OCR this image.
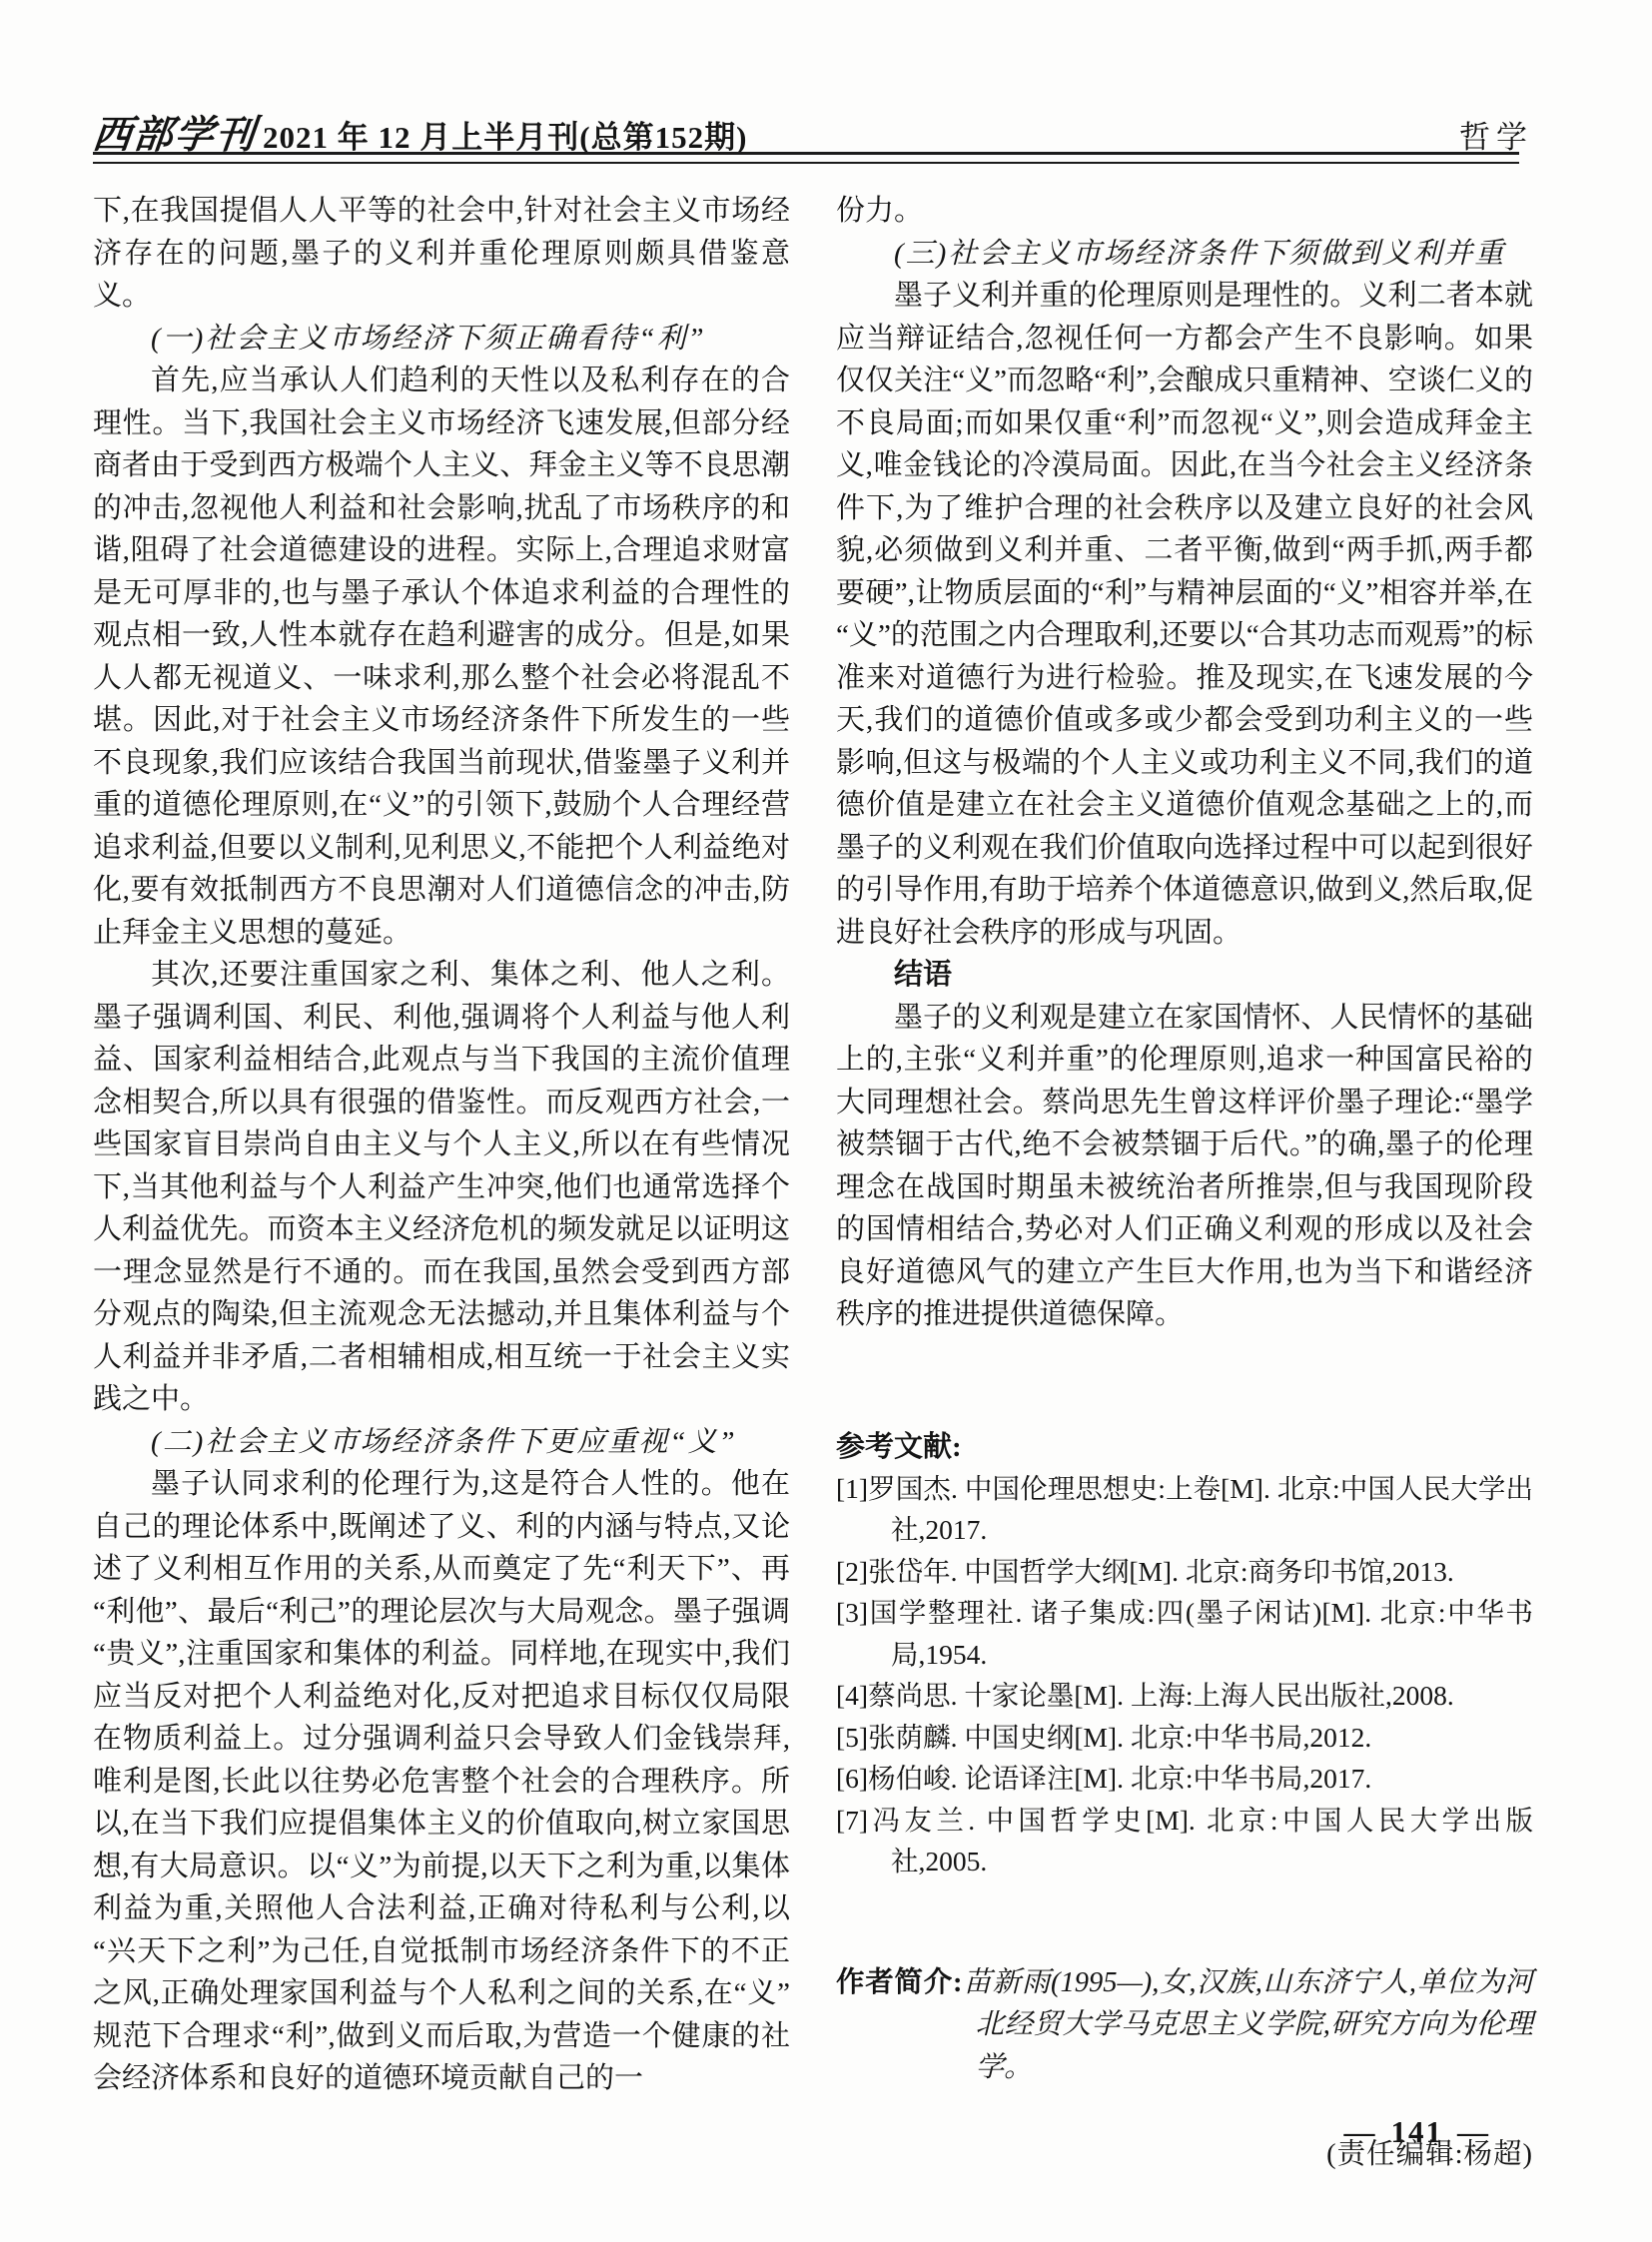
西部学刊 2021 年 12 月上半月刊(总第152期)	哲学

下,在我国提倡人人平等的社会中,针对社会主义市场经济存在的问题,墨子的义利并重伦理原则颇具借鉴意义。

(一)社会主义市场经济下须正确看待“利”

首先,应当承认人们趋利的天性以及私利存在的合理性。当下,我国社会主义市场经济飞速发展,但部分经商者由于受到西方极端个人主义、拜金主义等不良思潮的冲击,忽视他人利益和社会影响,扰乱了市场秩序的和谐,阻碍了社会道德建设的进程。实际上,合理追求财富是无可厚非的,也与墨子承认个体追求利益的合理性的观点相一致,人性本就存在趋利避害的成分。但是,如果人人都无视道义、一味求利,那么整个社会必将混乱不堪。因此,对于社会主义市场经济条件下所发生的一些不良现象,我们应该结合我国当前现状,借鉴墨子义利并重的道德伦理原则,在“义”的引领下,鼓励个人合理经营追求利益,但要以义制利,见利思义,不能把个人利益绝对化,要有效抵制西方不良思潮对人们道德信念的冲击,防止拜金主义思想的蔓延。

其次,还要注重国家之利、集体之利、他人之利。墨子强调利国、利民、利他,强调将个人利益与他人利益、国家利益相结合,此观点与当下我国的主流价值理念相契合,所以具有很强的借鉴性。而反观西方社会,一些国家盲目崇尚自由主义与个人主义,所以在有些情况下,当其他利益与个人利益产生冲突,他们也通常选择个人利益优先。而资本主义经济危机的频发就足以证明这一理念显然是行不通的。而在我国,虽然会受到西方部分观点的陶染,但主流观念无法撼动,并且集体利益与个人利益并非矛盾,二者相辅相成,相互统一于社会主义实践之中。

(二)社会主义市场经济条件下更应重视“义”

墨子认同求利的伦理行为,这是符合人性的。他在自己的理论体系中,既阐述了义、利的内涵与特点,又论述了义利相互作用的关系,从而奠定了先“利天下”、再“利他”、最后“利己”的理论层次与大局观念。墨子强调“贵义”,注重国家和集体的利益。同样地,在现实中,我们应当反对把个人利益绝对化,反对把追求目标仅仅局限在物质利益上。过分强调利益只会导致人们金钱崇拜,唯利是图,长此以往势必危害整个社会的合理秩序。所以,在当下我们应提倡集体主义的价值取向,树立家国思想,有大局意识。以“义”为前提,以天下之利为重,以集体利益为重,关照他人合法利益,正确对待私利与公利,以“兴天下之利”为己任,自觉抵制市场经济条件下的不正之风,正确处理家国利益与个人私利之间的关系,在“义”规范下合理求“利”,做到义而后取,为营造一个健康的社会经济体系和良好的道德环境贡献自己的一

份力。

(三)社会主义市场经济条件下须做到义利并重

墨子义利并重的伦理原则是理性的。义利二者本就应当辩证结合,忽视任何一方都会产生不良影响。如果仅仅关注“义”而忽略“利”,会酿成只重精神、空谈仁义的不良局面;而如果仅重“利”而忽视“义”,则会造成拜金主义,唯金钱论的冷漠局面。因此,在当今社会主义经济条件下,为了维护合理的社会秩序以及建立良好的社会风貌,必须做到义利并重、二者平衡,做到“两手抓,两手都要硬”,让物质层面的“利”与精神层面的“义”相容并举,在“义”的范围之内合理取利,还要以“合其功志而观焉”的标准来对道德行为进行检验。推及现实,在飞速发展的今天,我们的道德价值或多或少都会受到功利主义的一些影响,但这与极端的个人主义或功利主义不同,我们的道德价值是建立在社会主义道德价值观念基础之上的,而墨子的义利观在我们价值取向选择过程中可以起到很好的引导作用,有助于培养个体道德意识,做到义,然后取,促进良好社会秩序的形成与巩固。

结语

墨子的义利观是建立在家国情怀、人民情怀的基础上的,主张“义利并重”的伦理原则,追求一种国富民裕的大同理想社会。蔡尚思先生曾这样评价墨子理论:“墨学被禁锢于古代,绝不会被禁锢于后代。”的确,墨子的伦理理念在战国时期虽未被统治者所推崇,但与我国现阶段的国情相结合,势必对人们正确义利观的形成以及社会良好道德风气的建立产生巨大作用,也为当下和谐经济秩序的推进提供道德保障。

参考文献:

[1]罗国杰. 中国伦理思想史:上卷[M]. 北京:中国人民大学出社,2017.

[2]张岱年. 中国哲学大纲[M]. 北京:商务印书馆,2013.

[3]国学整理社. 诸子集成:四(墨子闲诂)[M]. 北京:中华书局,1954.

[4]蔡尚思. 十家论墨[M]. 上海:上海人民出版社,2008.

[5]张荫麟. 中国史纲[M]. 北京:中华书局,2012.

[6]杨伯峻. 论语译注[M]. 北京:中华书局,2017.

[7]冯友兰. 中国哲学史[M]. 北京:中国人民大学出版社,2005.

作者简介:苗新雨(1995—),女,汉族,山东济宁人,单位为河北经贸大学马克思主义学院,研究方向为伦理学。

(责任编辑:杨超)

— 141 —
